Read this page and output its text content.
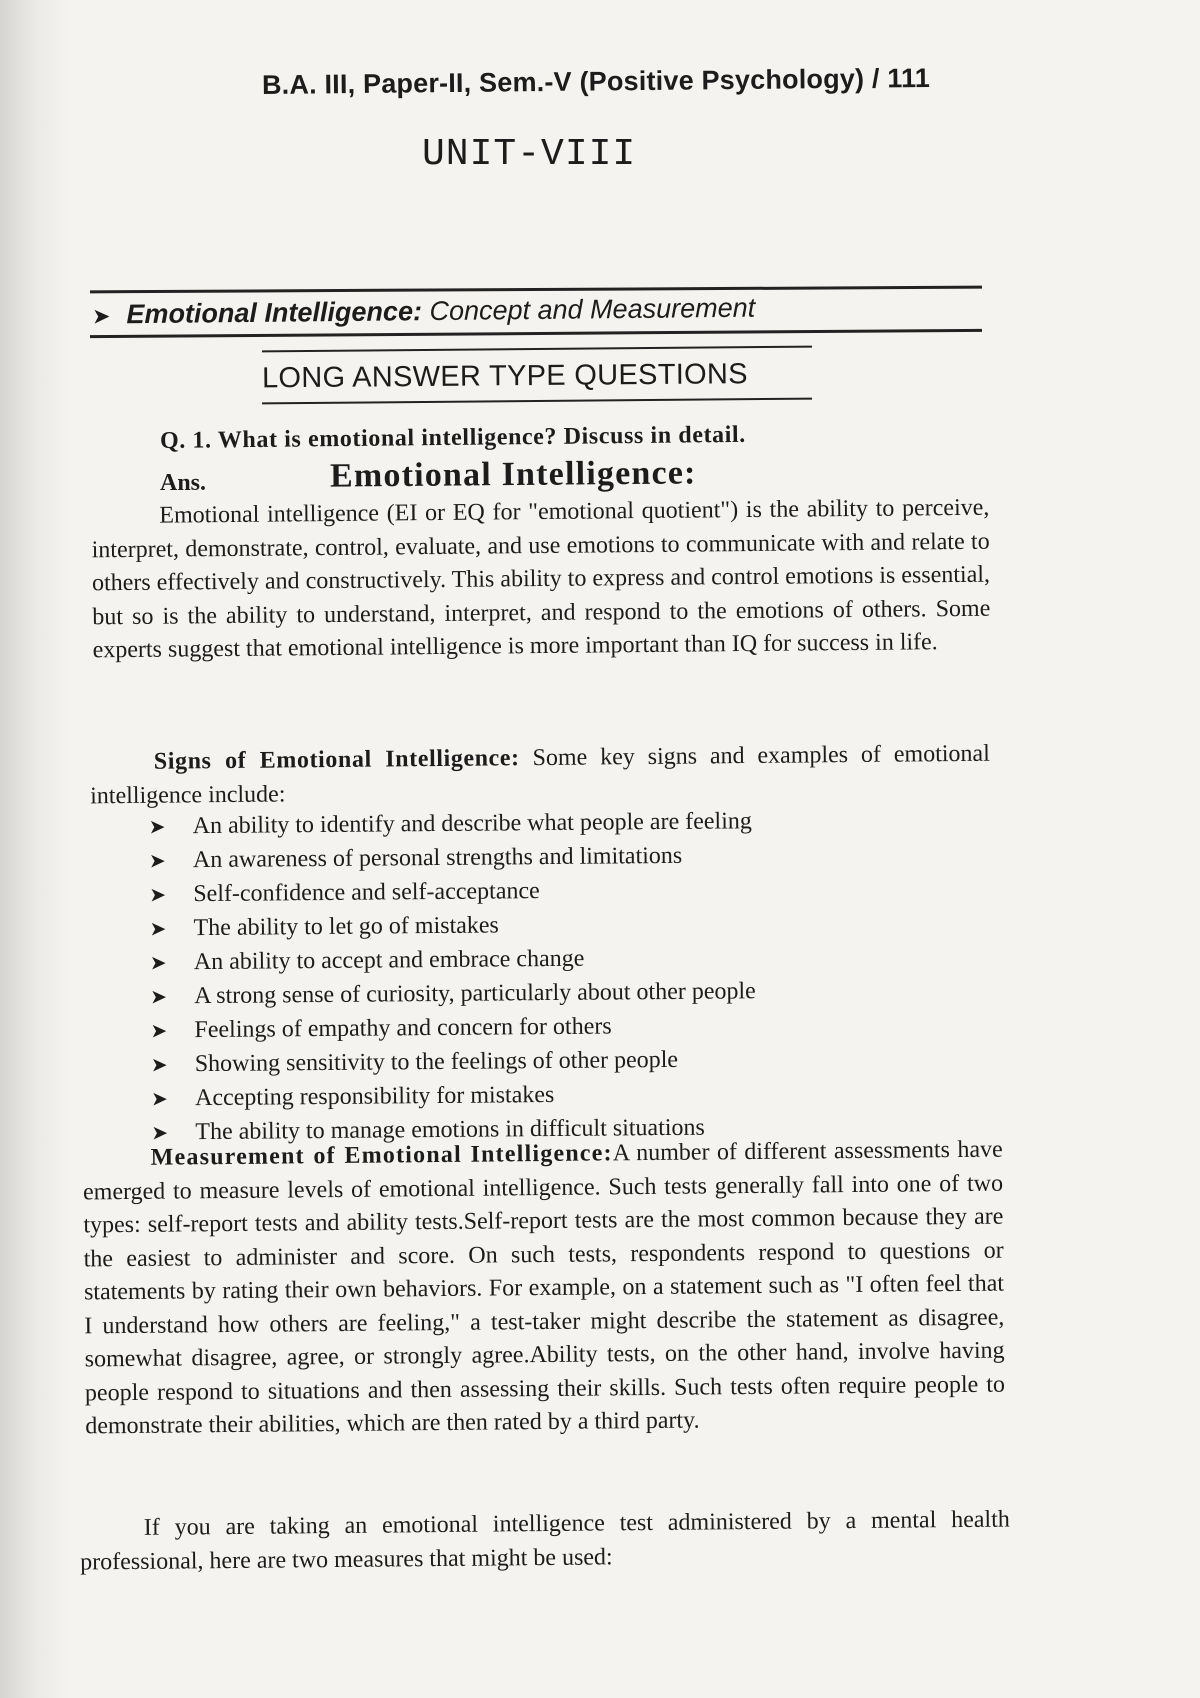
B.A. III, Paper-II, Sem.-V (Positive Psychology) / 111
UNIT-VIII
➤ Emotional Intelligence: Concept and Measurement
LONG ANSWER TYPE QUESTIONS
Q. 1. What is emotional intelligence? Discuss in detail.
Ans.	Emotional Intelligence:
Emotional intelligence (EI or EQ for "emotional quotient") is the ability to perceive, interpret, demonstrate, control, evaluate, and use emotions to communicate with and relate to others effectively and constructively. This ability to express and control emotions is essential, but so is the ability to understand, interpret, and respond to the emotions of others. Some experts suggest that emotional intelligence is more important than IQ for success in life.
Signs of Emotional Intelligence: Some key signs and examples of emotional intelligence include:
➤	An ability to identify and describe what people are feeling
➤	An awareness of personal strengths and limitations
➤	Self-confidence and self-acceptance
➤	The ability to let go of mistakes
➤	An ability to accept and embrace change
➤	A strong sense of curiosity, particularly about other people
➤	Feelings of empathy and concern for others
➤	Showing sensitivity to the feelings of other people
➤	Accepting responsibility for mistakes
➤	The ability to manage emotions in difficult situations
Measurement of Emotional Intelligence:A number of different assessments have emerged to measure levels of emotional intelligence. Such tests generally fall into one of two types: self-report tests and ability tests.Self-report tests are the most common because they are the easiest to administer and score. On such tests, respondents respond to questions or statements by rating their own behaviors. For example, on a statement such as "I often feel that I understand how others are feeling," a test-taker might describe the statement as disagree, somewhat disagree, agree, or strongly agree.Ability tests, on the other hand, involve having people respond to situations and then assessing their skills. Such tests often require people to demonstrate their abilities, which are then rated by a third party.
If you are taking an emotional intelligence test administered by a mental health professional, here are two measures that might be used:
